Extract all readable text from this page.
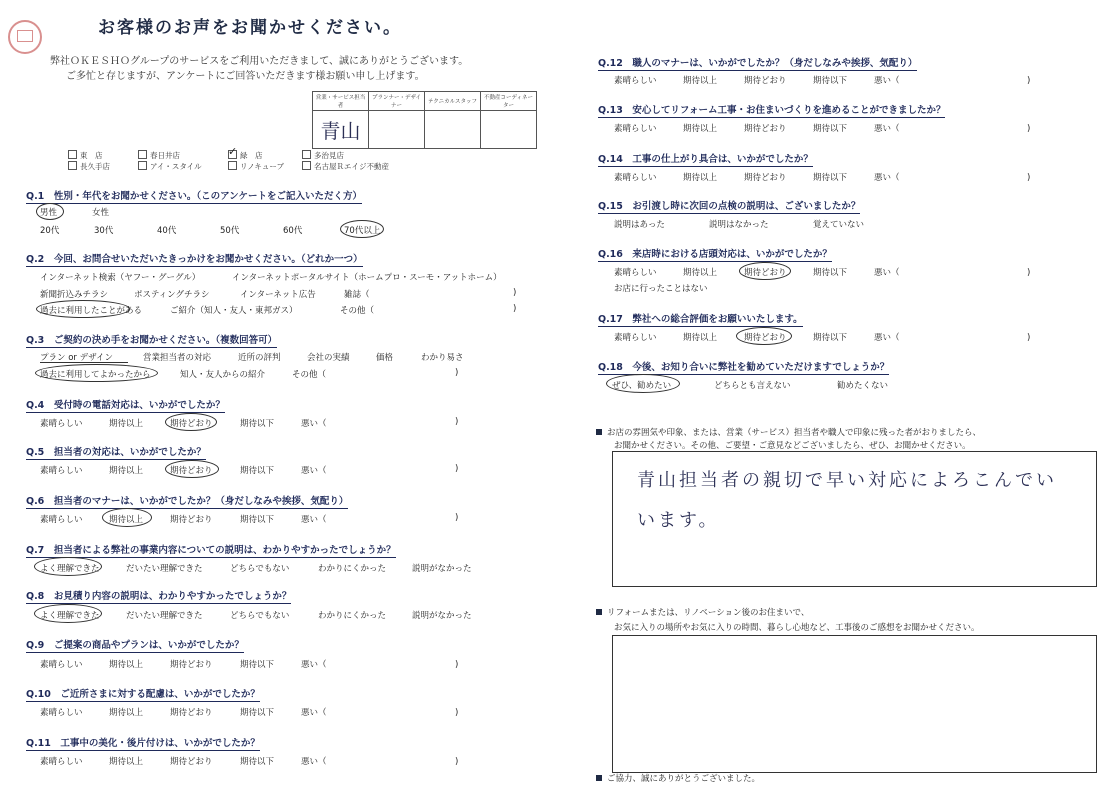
お客様のお声をお聞かせください。
弊社ＯＫＥＳＨＯグループのサービスをご利用いただきまして、誠にありがとうございます。
ご多忙と存じますが、アンケートにご回答いただきます様お願い申し上げます。
営業・サービス担当者	プランナー・デザイナー	テクニカルスタッフ	不動産コーディネーター
青山			
東　店	春日井店	✓ 緑　店	多治見店
長久手店	アイ・スタイル	リノキューブ	名古屋Ｒエイジ不動産
Q.1　 性別・年代をお聞かせください。（このアンケートをご記入いただく方）
男性	女性
20代	30代	40代	50代	60代	70代以上
Q.2　 今回、お問合せいただいたきっかけをお聞かせください。（どれか一つ）
インターネット検索（ヤフー・グーグル）	インターネットポータルサイト（ホームプロ・スーモ・アットホーム）
新聞折込みチラシ	ポスティングチラシ	インターネット広告	雑誌（	)
過去に利用したことがある	ご紹介（知人・友人・東邦ガス）	その他（	)
Q.3　 ご契約の決め手をお聞かせください。（複数回答可）
プラン or デザイン	営業担当者の対応	近所の評判	会社の実績	価格	わかり易さ
過去に利用してよかったから	知人・友人からの紹介	その他（	)
Q.4　 受付時の電話対応は、いかがでしたか？
素晴らしい	期待以上	期待どおり	期待以下	悪い（	)
Q.5　 担当者の対応は、いかがでしたか？
素晴らしい	期待以上	期待どおり	期待以下	悪い（	)
Q.6　 担当者のマナーは、いかがでしたか？（身だしなみや挨拶、気配り）
素晴らしい	期待以上	期待どおり	期待以下	悪い（	)
Q.7　 担当者による弊社の事業内容についての説明は、わかりやすかったでしょうか？
よく理解できた	だいたい理解できた	どちらでもない	わかりにくかった	説明がなかった
Q.8　 お見積り内容の説明は、わかりやすかったでしょうか？
よく理解できた	だいたい理解できた	どちらでもない	わかりにくかった	説明がなかった
Q.9　 ご提案の商品やプランは、いかがでしたか？
素晴らしい	期待以上	期待どおり	期待以下	悪い（	)
Q.10　 ご近所さまに対する配慮は、いかがでしたか？
素晴らしい	期待以上	期待どおり	期待以下	悪い（	)
Q.11　 工事中の美化・後片付けは、いかがでしたか？
素晴らしい	期待以上	期待どおり	期待以下	悪い（	)
Q.12　 職人のマナーは、いかがでしたか？（身だしなみや挨拶、気配り）
素晴らしい	期待以上	期待どおり	期待以下	悪い（	)
Q.13　 安心してリフォーム工事・お住まいづくりを進めることができましたか？
素晴らしい	期待以上	期待どおり	期待以下	悪い（	)
Q.14　 工事の仕上がり具合は、いかがでしたか？
素晴らしい	期待以上	期待どおり	期待以下	悪い（	)
Q.15　 お引渡し時に次回の点検の説明は、ございましたか？
説明はあった	説明はなかった	覚えていない
Q.16　 来店時における店頭対応は、いかがでしたか？
素晴らしい	期待以上	期待どおり	期待以下	悪い（	)
お店に行ったことはない
Q.17　 弊社への総合評価をお願いいたします。
素晴らしい	期待以上	期待どおり	期待以下	悪い（	)
Q.18　 今後、お知り合いに弊社を勧めていただけますでしょうか？
ぜひ、勧めたい	どちらとも言えない	勧めたくない
お店の雰囲気や印象、または、営業（サービス）担当者や職人で印象に残った者がおりましたら、
お聞かせください。その他、ご要望・ご意見などございましたら、ぜひ、お聞かせください。
青山担当者の親切で早い対応によろこんでい
います。
リフォームまたは、リノベーション後のお住まいで、
お気に入りの場所やお気に入りの時間、暮らし心地など、工事後のご感想をお聞かせください。
ご協力、誠にありがとうございました。
